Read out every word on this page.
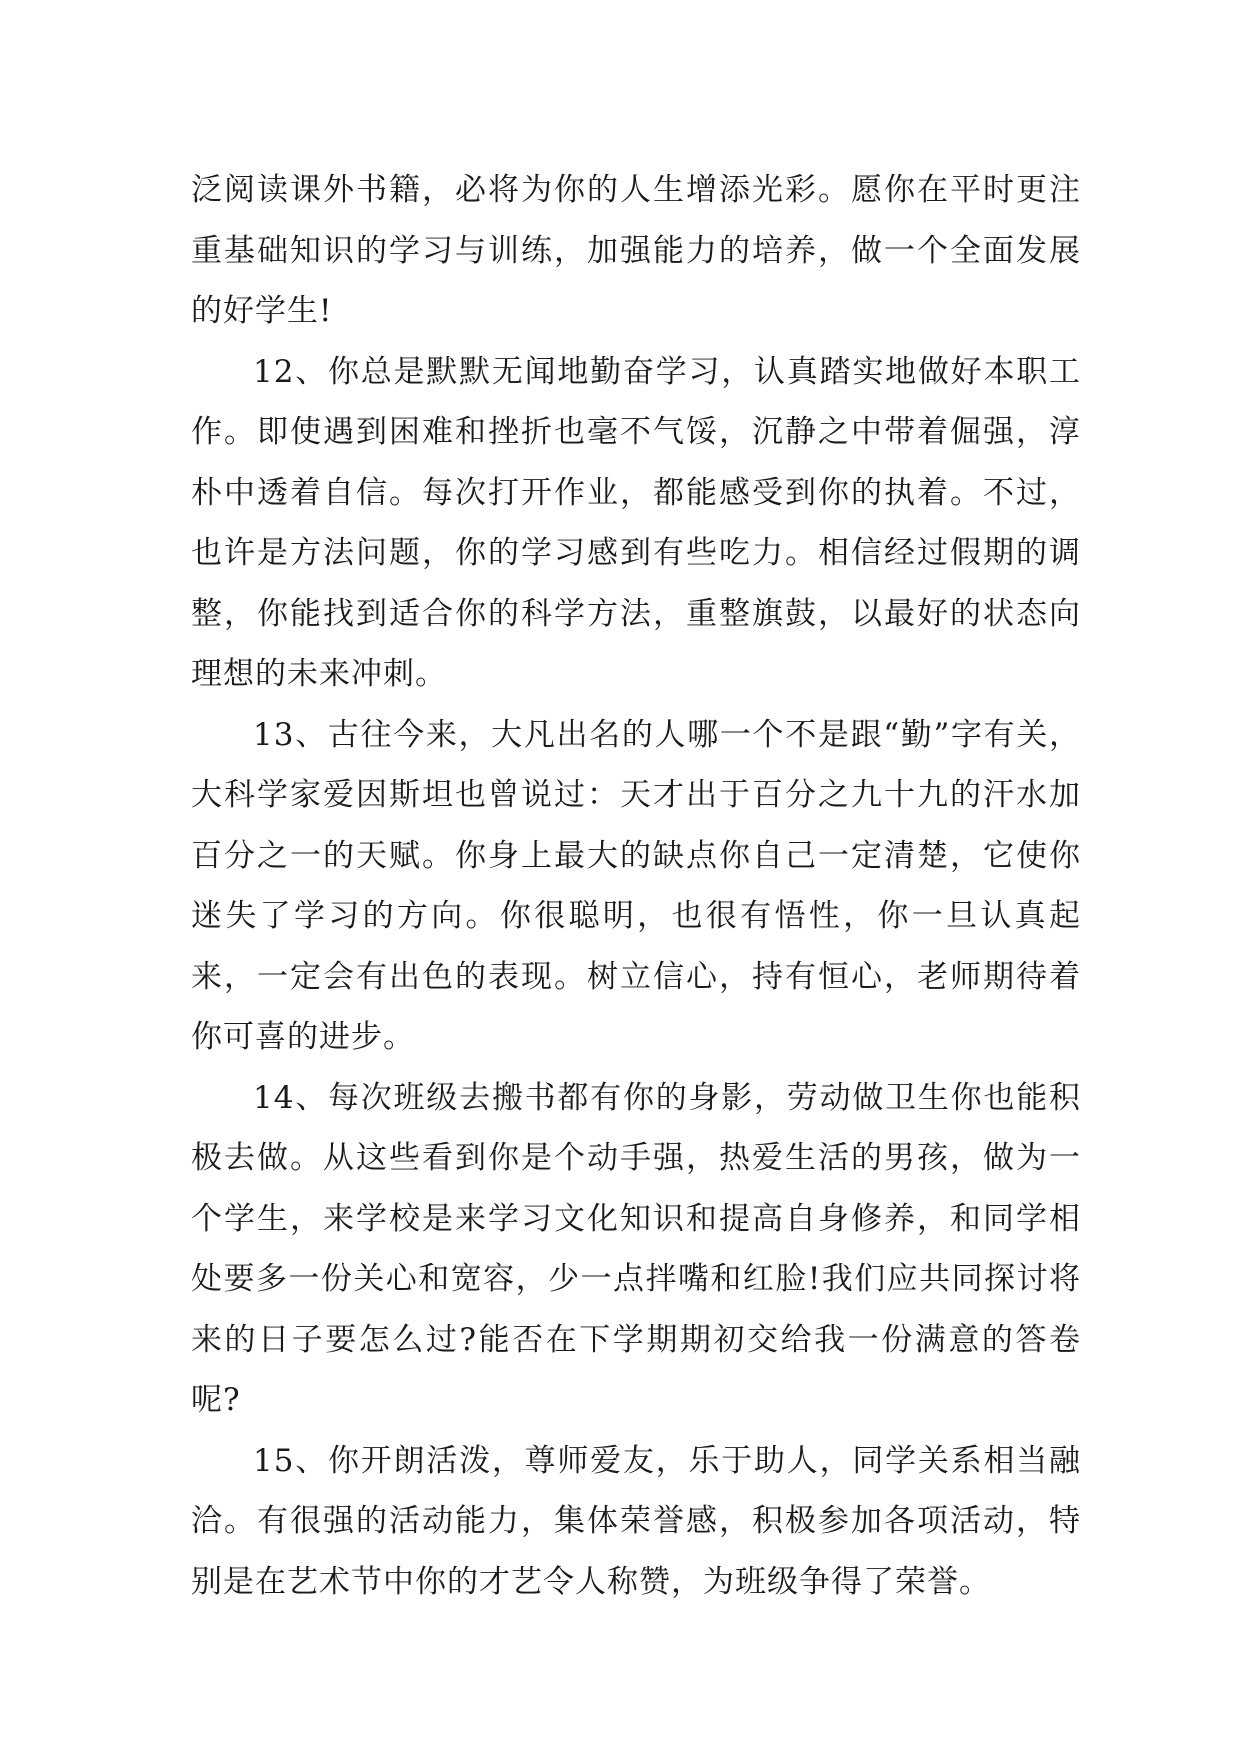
泛阅读课外书籍，必将为你的人生增添光彩。愿你在平时更注重基础知识的学习与训练，加强能力的培养，做一个全面发展的好学生!

12、你总是默默无闻地勤奋学习，认真踏实地做好本职工作。即使遇到困难和挫折也毫不气馁，沉静之中带着倔强，淳朴中透着自信。每次打开作业，都能感受到你的执着。不过，也许是方法问题，你的学习感到有些吃力。相信经过假期的调整，你能找到适合你的科学方法，重整旗鼓，以最好的状态向理想的未来冲刺。

13、古往今来，大凡出名的人哪一个不是跟“勤”字有关，大科学家爱因斯坦也曾说过：天才出于百分之九十九的汗水加百分之一的天赋。你身上最大的缺点你自己一定清楚，它使你迷失了学习的方向。你很聪明，也很有悟性，你一旦认真起来，一定会有出色的表现。树立信心，持有恒心，老师期待着你可喜的进步。

14、每次班级去搬书都有你的身影，劳动做卫生你也能积极去做。从这些看到你是个动手强，热爱生活的男孩，做为一个学生，来学校是来学习文化知识和提高自身修养，和同学相处要多一份关心和宽容，少一点拌嘴和红脸!我们应共同探讨将来的日子要怎么过?能否在下学期期初交给我一份满意的答卷呢?

15、你开朗活泼，尊师爱友，乐于助人，同学关系相当融洽。有很强的活动能力，集体荣誉感，积极参加各项活动，特别是在艺术节中你的才艺令人称赞，为班级争得了荣誉。
